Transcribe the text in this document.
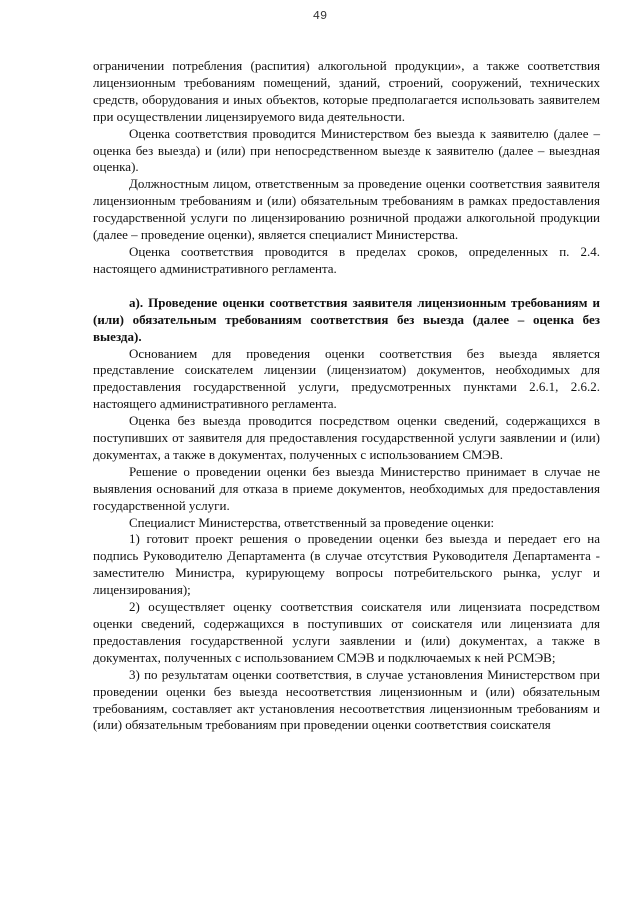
49

ограничении потребления (распития) алкогольной продукции», а также соответствия лицензионным требованиям помещений, зданий, строений, сооружений, технических средств, оборудования и иных объектов, которые предполагается использовать заявителем при осуществлении лицензируемого вида деятельности.

Оценка соответствия проводится Министерством без выезда к заявителю (далее – оценка без выезда) и (или) при непосредственном выезде к заявителю (далее – выездная оценка).

Должностным лицом, ответственным за проведение оценки соответствия заявителя лицензионным требованиям и (или) обязательным требованиям в рамках предоставления государственной услуги по лицензированию розничной продажи алкогольной продукции (далее – проведение оценки), является специалист Министерства.

Оценка соответствия проводится в пределах сроков, определенных п. 2.4. настоящего административного регламента.

а). Проведение оценки соответствия заявителя лицензионным требованиям и (или) обязательным требованиям соответствия без выезда (далее – оценка без выезда).

Основанием для проведения оценки соответствия без выезда является представление соискателем лицензии (лицензиатом) документов, необходимых для предоставления государственной услуги, предусмотренных пунктами 2.6.1, 2.6.2. настоящего административного регламента.

Оценка без выезда проводится посредством оценки сведений, содержащихся в поступивших от заявителя для предоставления государственной услуги заявлении и (или) документах, а также в документах, полученных с использованием СМЭВ.

Решение о проведении оценки без выезда Министерство принимает в случае не выявления оснований для отказа в приеме документов, необходимых для предоставления государственной услуги.

Специалист Министерства, ответственный за проведение оценки:

1) готовит проект решения о проведении оценки без выезда и передает его на подпись Руководителю Департамента (в случае отсутствия Руководителя Департамента - заместителю Министра, курирующему вопросы потребительского рынка, услуг и лицензирования);

2) осуществляет оценку соответствия соискателя или лицензиата посредством оценки сведений, содержащихся в поступивших от соискателя или лицензиата для предоставления государственной услуги заявлении и (или) документах, а также в документах, полученных с использованием СМЭВ и подключаемых к ней РСМЭВ;

3) по результатам оценки соответствия, в случае установления Министерством при проведении оценки без выезда несоответствия лицензионным и (или) обязательным требованиям, составляет акт установления несоответствия лицензионным требованиям и (или) обязательным требованиям при проведении оценки соответствия соискателя
